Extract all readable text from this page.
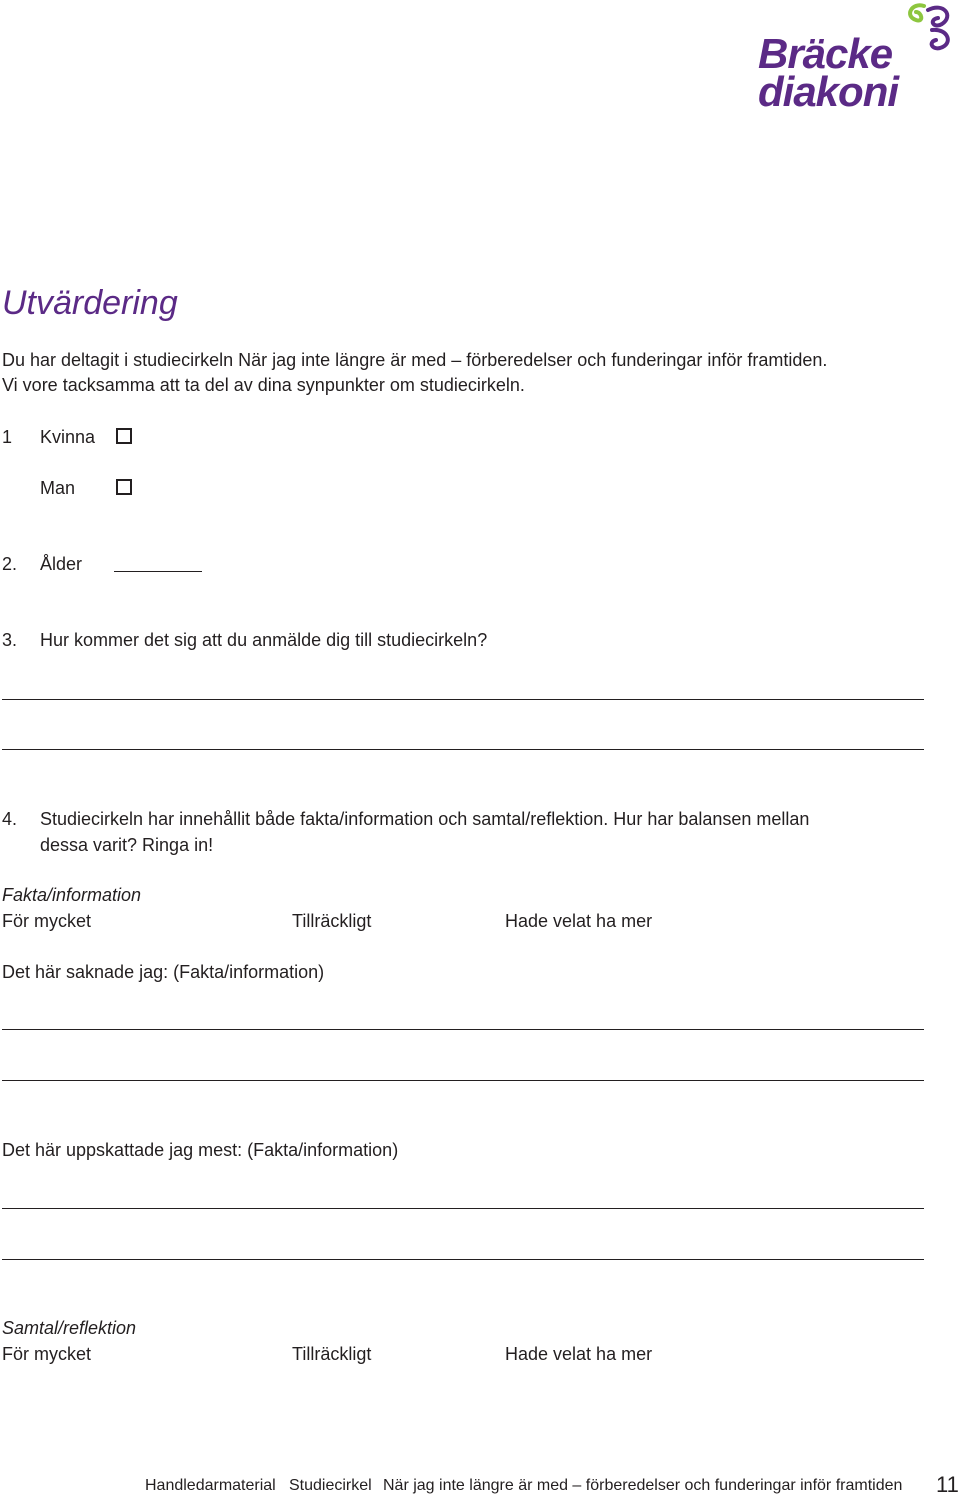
Bräcke
diakoni
Utvärdering
Du har deltagit i studiecirkeln När jag inte längre är med – förberedelser och funderingar inför framtiden.
Vi vore tacksamma att ta del av dina synpunkter om studiecirkeln.
1 Kvinna
Man
2. Ålder
3. Hur kommer det sig att du anmälde dig till studiecirkeln?
4. Studiecirkeln har innehållit både fakta/information och samtal/reflektion. Hur har balansen mellan
dessa varit? Ringa in!
Fakta/information
För mycket	Tillräckligt	Hade velat ha mer
Det här saknade jag: (Fakta/information)
Det här uppskattade jag mest: (Fakta/information)
Samtal/reflektion
För mycket	Tillräckligt	Hade velat ha mer
Handledarmaterial Studiecirkel När jag inte längre är med – förberedelser och funderingar inför framtiden 11
